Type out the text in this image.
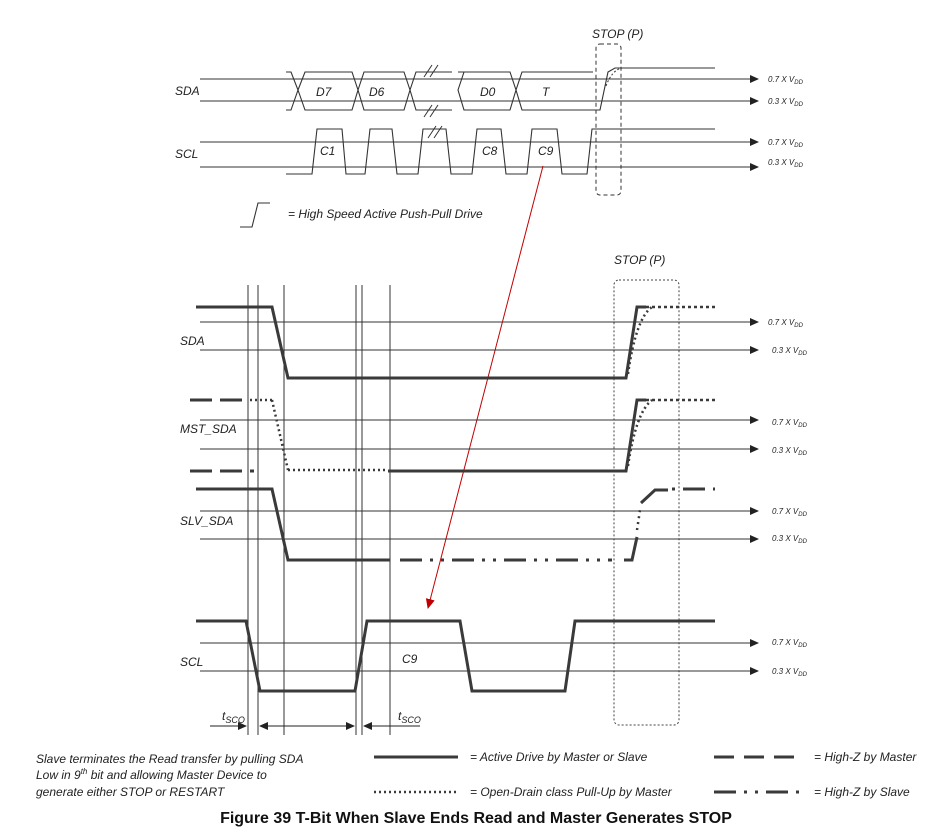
STOP (P)
SDA
SCL
0.7 X $V_{DD}$
0.3 X $V_{DD}$
0.7 X $V_{DD}$
0.3 X $V_{DD}$
D7	D6	D0	T
C1	C8	C9
= High Speed Active Push-Pull Drive
STOP (P)
SDA
MST_SDA
SLV_SDA
SCL
0.7 X $V_{DD}$
0.3 X $V_{DD}$
0.7 X $V_{DD}$
0.3 X $V_{DD}$
0.7 X $V_{DD}$
0.3 X $V_{DD}$
0.7 X $V_{DD}$
0.3 X $V_{DD}$
C9
$t_{SCO}$	$t_{SCO}$
Slave terminates the Read transfer by pulling SDA
Low in 9th bit and allowing Master Device to
generate either STOP or RESTART
= Active Drive by Master or Slave
= Open-Drain class Pull-Up by Master
= High-Z by Master
= High-Z by Slave
Figure 39 T-Bit When Slave Ends Read and Master Generates STOP
